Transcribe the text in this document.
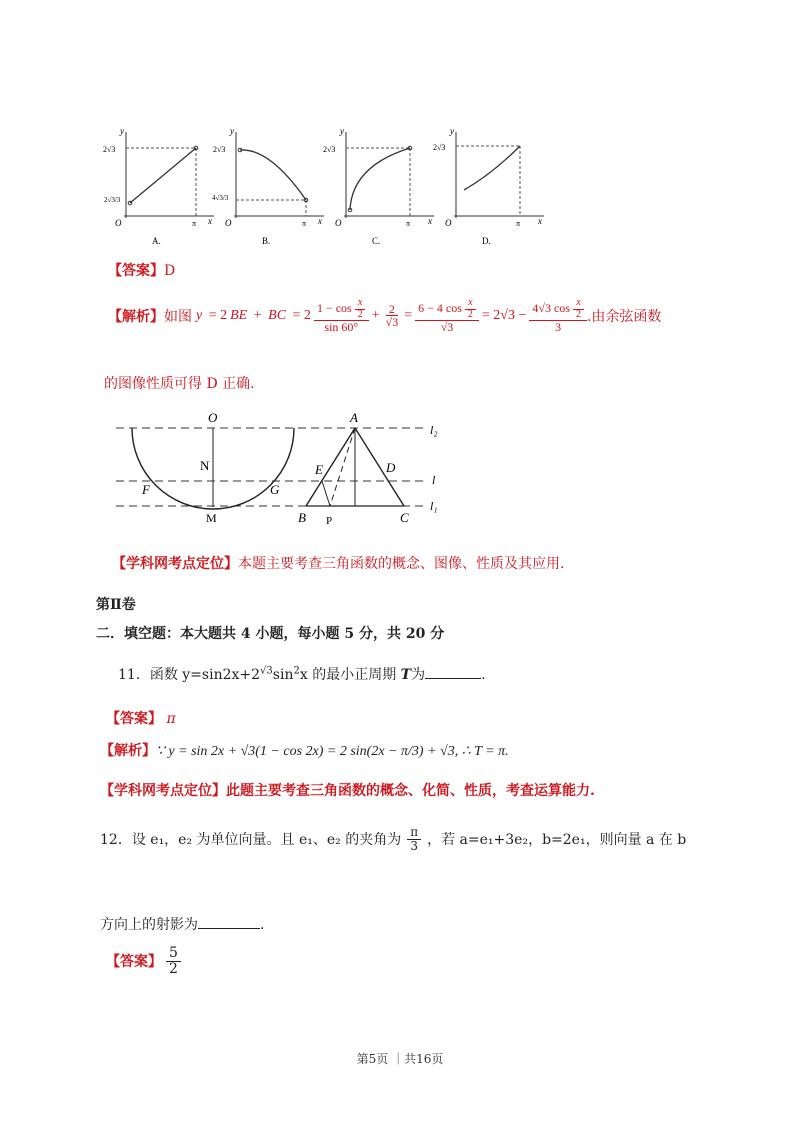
y
2√3
2√3/3
O	π x
A.
y
2√3
4√3/3
O	π x
B.
y
2√3
O	π x
C.
y
2√3
O	π x
D.
【答案】D
【解析】 如图 y = 2 BE + BC = $2 \frac{1 - \cos \frac{x}{2}}{\sin 60^\circ} + \frac{2}{√3} = \frac{6 - 4 \cos \frac{x}{2}}{√3} = 2√3 - \frac{4√3 \cos \frac{x}{2}}{3}$ .由余弦函数
的图像性质可得 D 正确.
O
N
F	G
M
A
E	D
B P	C
l₂
l
l₁
【学科网考点定位】本题主要考查三角函数的概念、图像、性质及其应用.
第Ⅱ卷
二．填空题：本大题共 4 小题，每小题 5 分，共 20 分
11．函数 $y=\sin 2x+2^{√3}\sin^2x$ 的最小正周期 T为	.
【答案】 π
【解析】∵ y = sin 2x + √3(1 − cos 2x) = 2 sin(2x − π/3) + √3, ∴ T = π.
【学科网考点定位】此题主要考查三角函数的概念、化简、性质，考查运算能力.
12． 设 e₁，e₂ 为单位向量。且 e₁、e₂ 的夹角为 $\frac{\pi}{3}$ ，若 a=e₁+3e₂，b=2e₁，则向量 a 在 b
方向上的射影为	.
【答案】 $\frac{5}{2}$
第5页 ｜共16页
